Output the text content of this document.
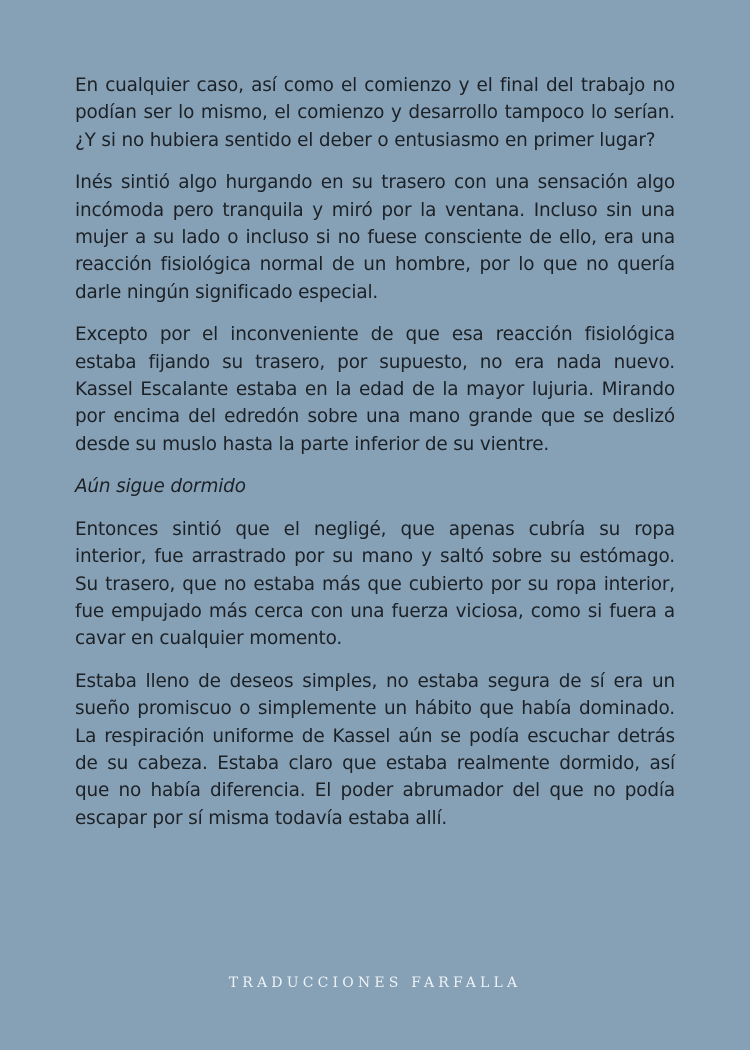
En cualquier caso, así como el comienzo y el final del trabajo no podían ser lo mismo, el comienzo y desarrollo tampoco lo serían. ¿Y si no hubiera sentido el deber o entusiasmo en primer lugar?

Inés sintió algo hurgando en su trasero con una sensación algo incómoda pero tranquila y miró por la ventana. Incluso sin una mujer a su lado o incluso si no fuese consciente de ello, era una reacción fisiológica normal de un hombre, por lo que no quería darle ningún significado especial.

Excepto por el inconveniente de que esa reacción fisiológica estaba fijando su trasero, por supuesto, no era nada nuevo. Kassel Escalante estaba en la edad de la mayor lujuria. Mirando por encima del edredón sobre una mano grande que se deslizó desde su muslo hasta la parte inferior de su vientre.

Aún sigue dormido

Entonces sintió que el negligé, que apenas cubría su ropa interior, fue arrastrado por su mano y saltó sobre su estómago. Su trasero, que no estaba más que cubierto por su ropa interior, fue empujado más cerca con una fuerza viciosa, como si fuera a cavar en cualquier momento.

Estaba lleno de deseos simples, no estaba segura de sí era un sueño promiscuo o simplemente un hábito que había dominado. La respiración uniforme de Kassel aún se podía escuchar detrás de su cabeza. Estaba claro que estaba realmente dormido, así que no había diferencia. El poder abrumador del que no podía escapar por sí misma todavía estaba allí.

TRADUCCIONES FARFALLA
